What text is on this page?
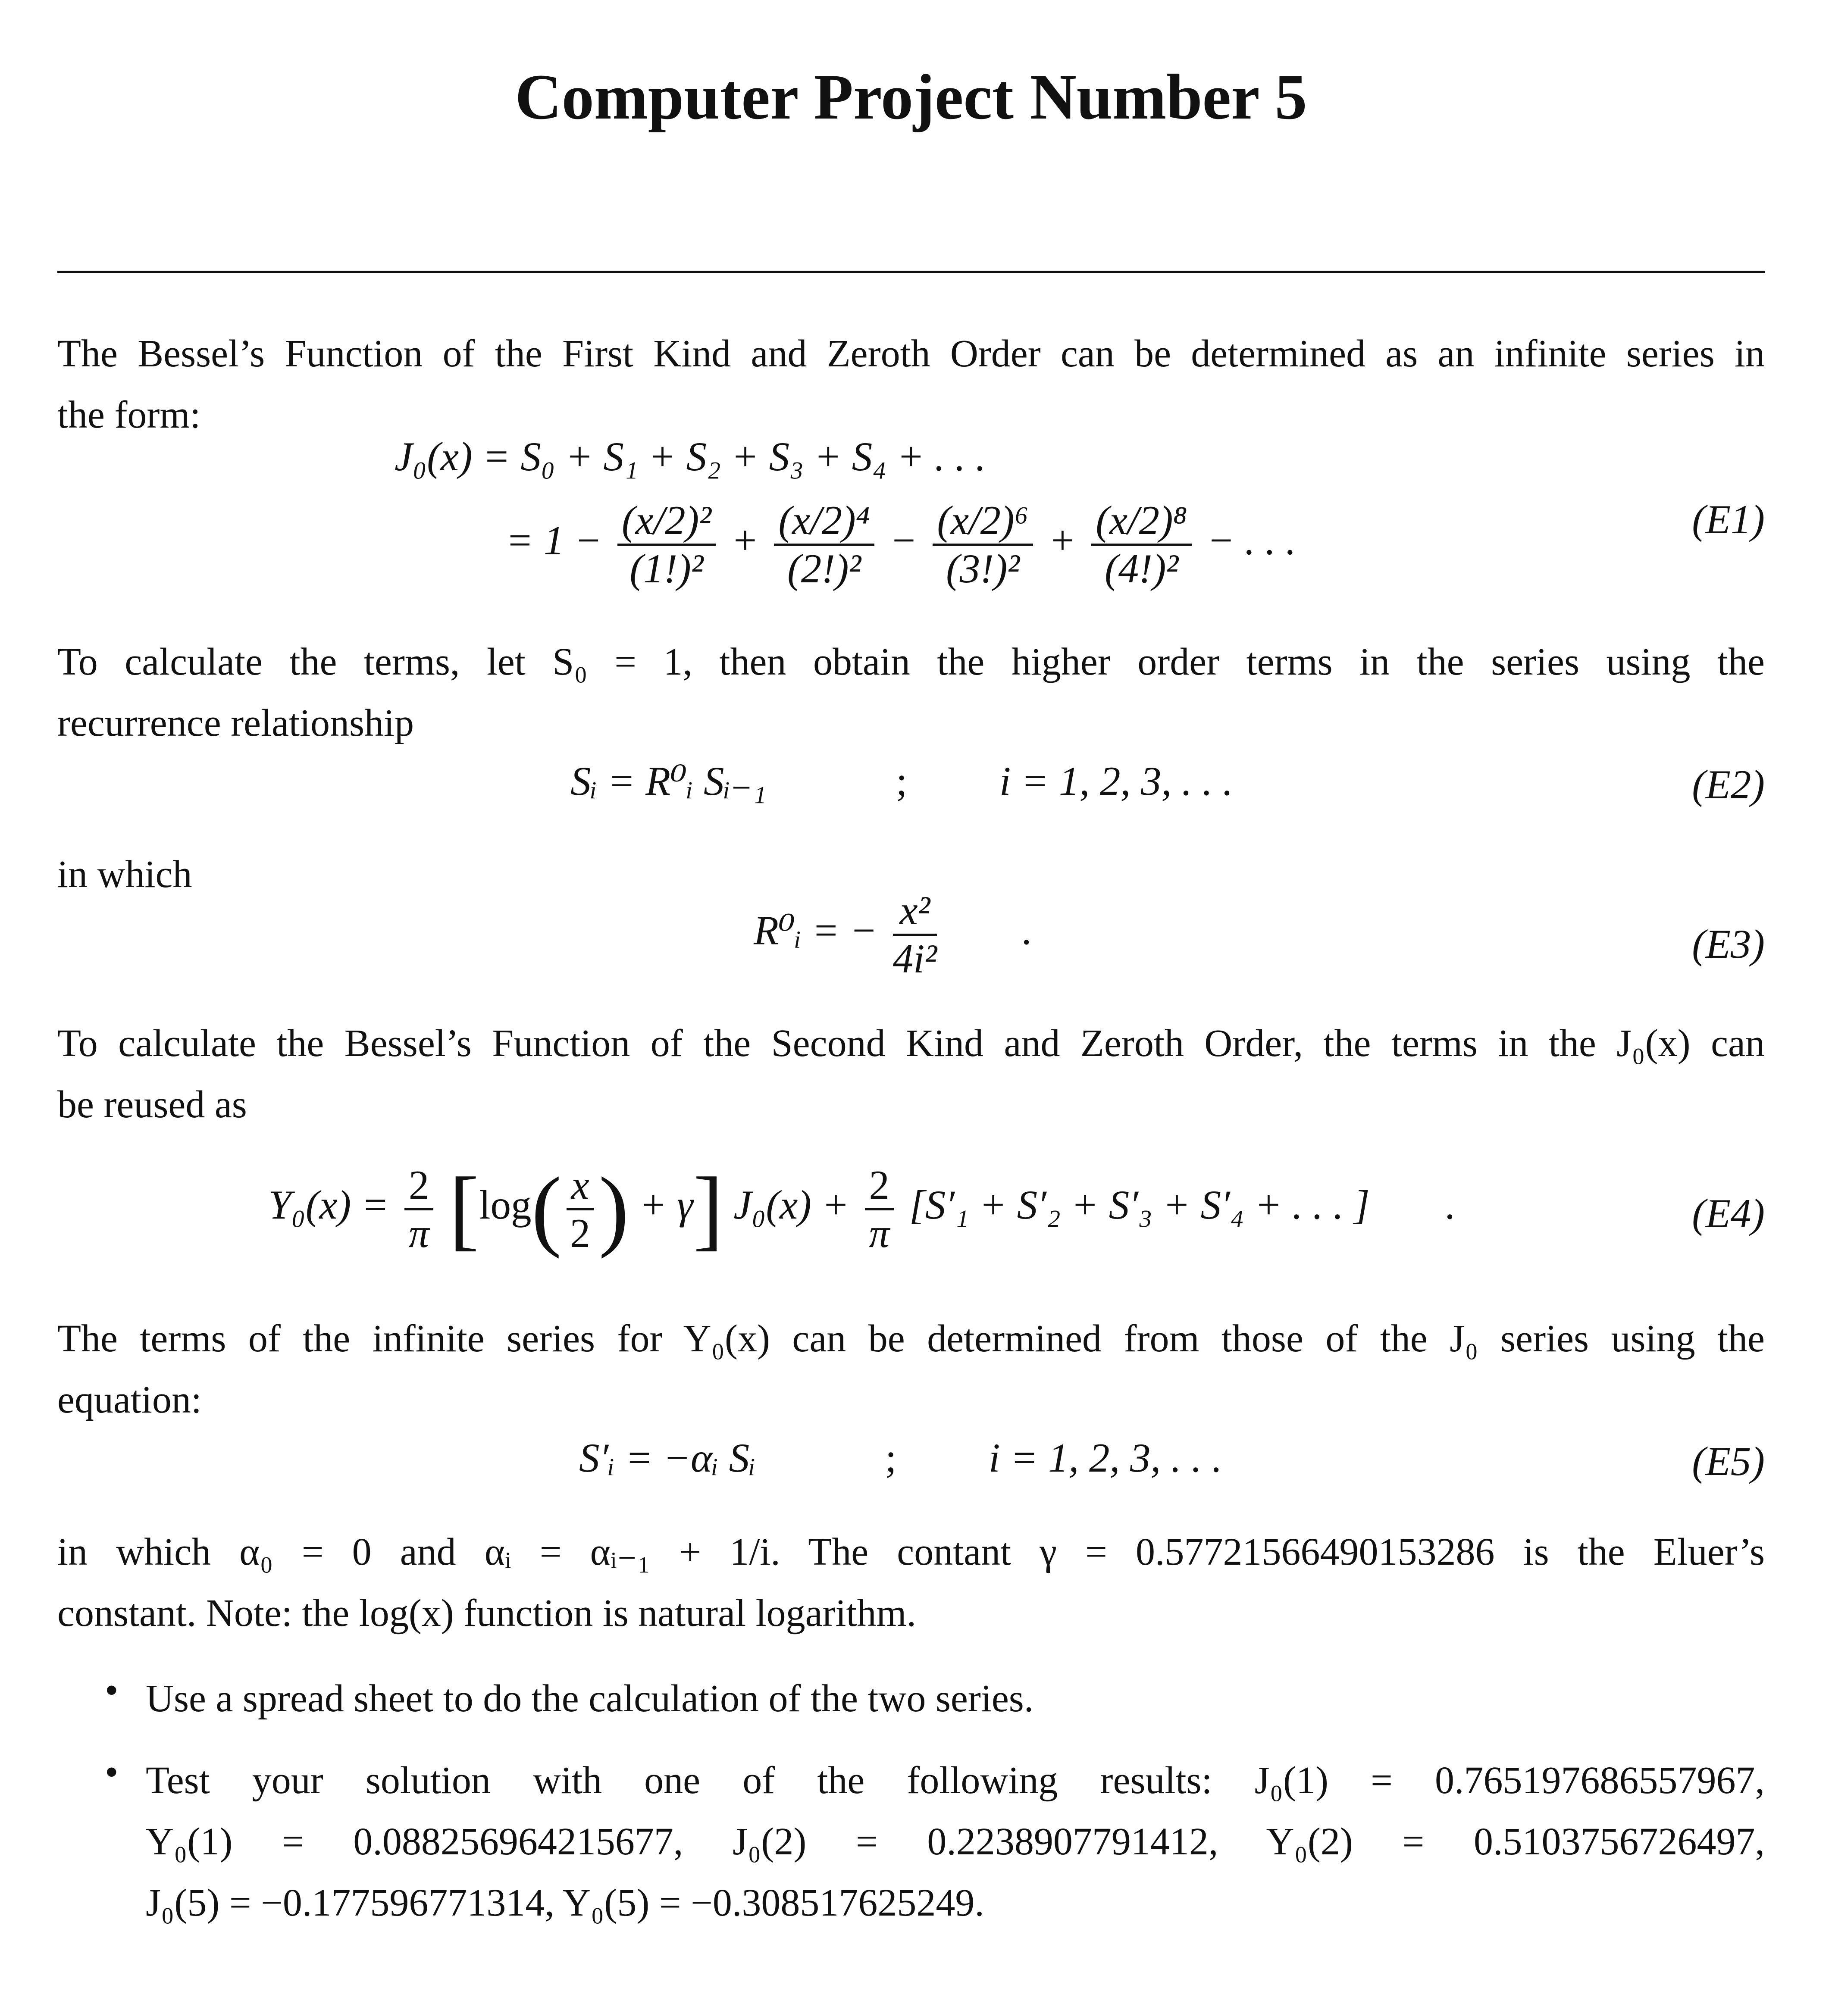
Computer Project Number 5
The Bessel’s Function of the First Kind and Zeroth Order can be determined as an infinite series in
the form:
J₀(x) = S₀ + S₁ + S₂ + S₃ + S₄ + . . .
= $1 - \frac{\text{(x/2)²}}{\text{(1!)²}} + \frac{\text{(x/2)⁴}}{\text{(2!)²}} - \frac{\text{(x/2)⁶}}{\text{(3!)²}} + \frac{\text{(x/2)⁸}}{\text{(4!)²}}$ − . . .	(E1)
To calculate the terms, let S₀ = 1, then obtain the higher order terms in the series using the
recurrence relationship
Sᵢ = R⁰ᵢ Sᵢ₋₁	; i = 1, 2, 3, . . .	(E2)
in which
R⁰ᵢ = − $\frac{\text{x²}}{\text{4i²}}$ .	(E3)
To calculate the Bessel’s Function of the Second Kind and Zeroth Order, the terms in the J₀(x) can
be reused as
$Y_0(x) = \frac{2}{\pi} [\log( \frac{x}{2}$ ) + γ] $J_0(x) + \frac{2}{\pi} [S'_1 + S'_2 + S'_3 + S'_4$ + . . . ] .	(E4)
The terms of the infinite series for Y₀(x) can be determined from those of the J₀ series using the
equation:
S′ᵢ = −αᵢ Sᵢ	; i = 1, 2, 3, . . .	(E5)
in which α₀ = 0 and αᵢ = αᵢ₋₁ + 1/i. The contant γ = 0.57721566490153286 is the Eluer’s
constant. Note: the log(x) function is natural logarithm.
• Use a spread sheet to do the calculation of the two series.
• Test your solution with one of the following results: J₀(1) = 0.765197686557967,
Y₀(1) = 0.088256964215677, J₀(2) = 0.2238907791412, Y₀(2) = 0.5103756726497,
J₀(5) = −0.177596771314, Y₀(5) = −0.308517625249.
